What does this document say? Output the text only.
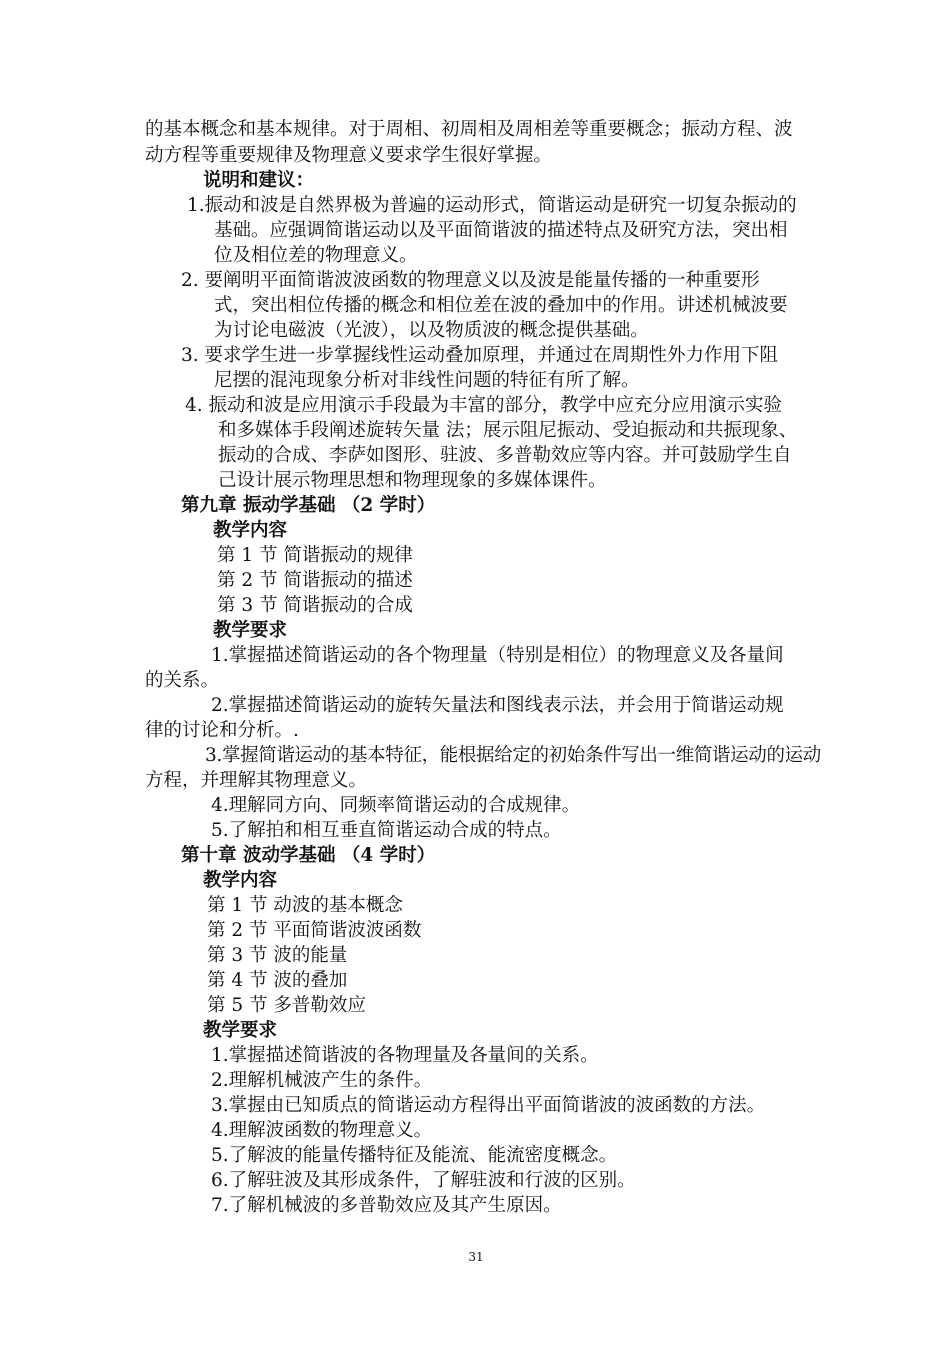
的基本概念和基本规律。对于周相、初周相及周相差等重要概念；振动方程、波
动方程等重要规律及物理意义要求学生很好掌握。
说明和建议：
1.振动和波是自然界极为普遍的运动形式，简谐运动是研究一切复杂振动的
基础。应强调简谐运动以及平面简谐波的描述特点及研究方法，突出相
位及相位差的物理意义。
2. 要阐明平面简谐波波函数的物理意义以及波是能量传播的一种重要形
式，突出相位传播的概念和相位差在波的叠加中的作用。讲述机械波要
为讨论电磁波（光波），以及物质波的概念提供基础。
3. 要求学生进一步掌握线性运动叠加原理，并通过在周期性外力作用下阻
尼摆的混沌现象分析对非线性问题的特征有所了解。
4. 振动和波是应用演示手段最为丰富的部分，教学中应充分应用演示实验
和多媒体手段阐述旋转矢量 法；展示阻尼振动、受迫振动和共振现象、
振动的合成、李萨如图形、驻波、多普勒效应等内容。并可鼓励学生自
己设计展示物理思想和物理现象的多媒体课件。
第九章 振动学基础 （2 学时）
教学内容
第 1 节 简谐振动的规律
第 2 节 简谐振动的描述
第 3 节 简谐振动的合成
教学要求
1.掌握描述简谐运动的各个物理量（特别是相位）的物理意义及各量间
的关系。
2.掌握描述简谐运动的旋转矢量法和图线表示法，并会用于简谐运动规
律的讨论和分析。.
3.掌握简谐运动的基本特征，能根据给定的初始条件写出一维简谐运动的运动
方程，并理解其物理意义。
4.理解同方向、同频率简谐运动的合成规律。
5.了解拍和相互垂直简谐运动合成的特点。
第十章 波动学基础 （4 学时）
教学内容
第 1 节 动波的基本概念
第 2 节 平面简谐波波函数
第 3 节 波的能量
第 4 节 波的叠加
第 5 节 多普勒效应
教学要求
1.掌握描述简谐波的各物理量及各量间的关系。
2.理解机械波产生的条件。
3.掌握由已知质点的简谐运动方程得出平面简谐波的波函数的方法。
4.理解波函数的物理意义。
5.了解波的能量传播特征及能流、能流密度概念。
6.了解驻波及其形成条件，了解驻波和行波的区别。
7.了解机械波的多普勒效应及其产生原因。
31
